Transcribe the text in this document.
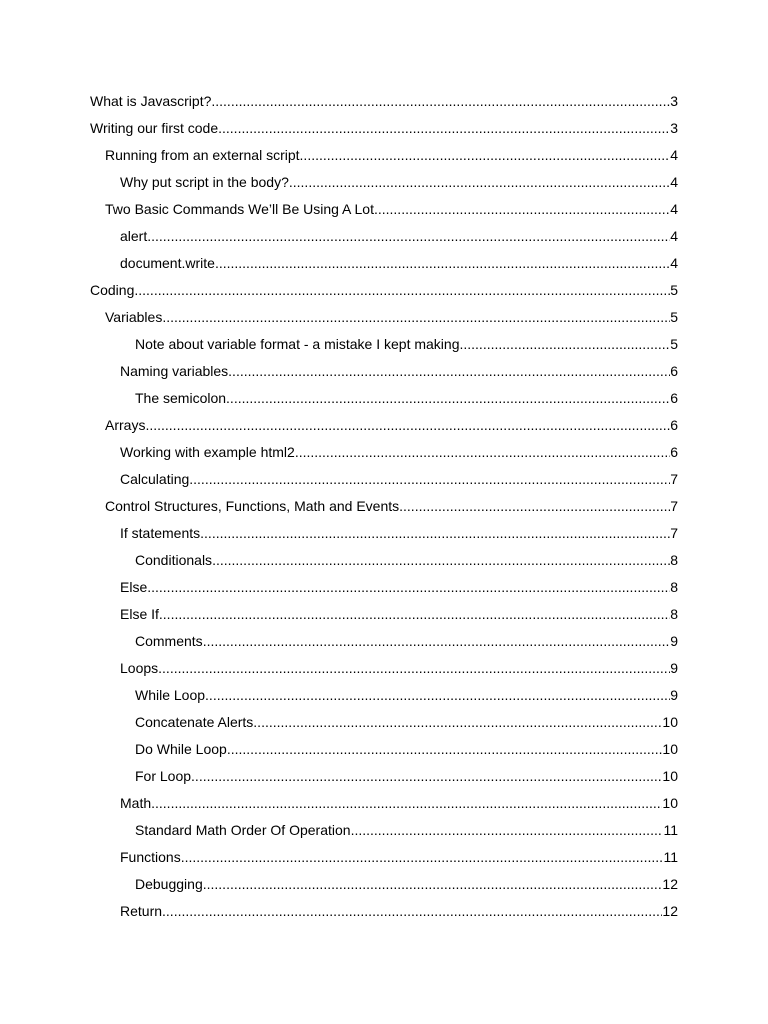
What is Javascript? .....	3
Writing our first code .....	3
Running from an external script .....	4
Why put script in the body? .....	4
Two Basic Commands We’ll Be Using A Lot .....	4
alert .....	4
document.write .....	4
Coding .....	5
Variables .....	5
Note about variable format - a mistake I kept making .....	5
Naming variables .....	6
The semicolon .....	6
Arrays .....	6
Working with example html2 .....	6
Calculating .....	7
Control Structures, Functions, Math and Events .....	7
If statements .....	7
Conditionals .....	8
Else .....	8
Else If .....	8
Comments .....	9
Loops .....	9
While Loop .....	9
Concatenate Alerts .....	10
Do While Loop .....	10
For Loop .....	10
Math .....	10
Standard Math Order Of Operation .....	11
Functions .....	11
Debugging .....	12
Return .....	12
